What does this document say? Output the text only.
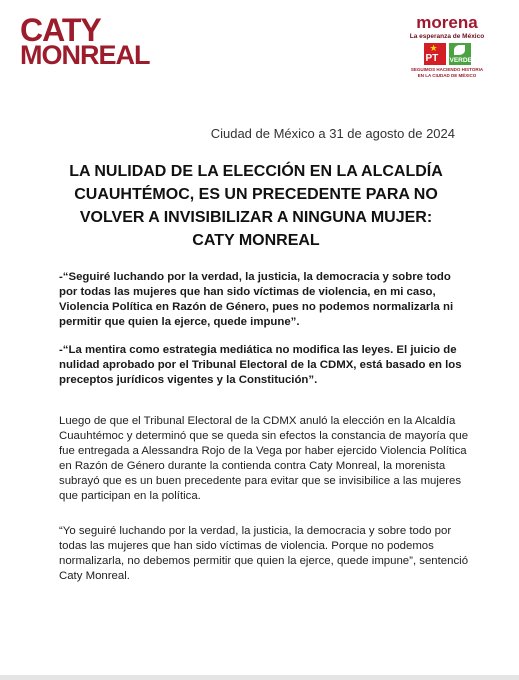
CATY
MONREAL
morena
La esperanza de México
★
PT VERDE
SEGUIMOS HACIENDO HISTORIA
EN LA CIUDAD DE MÉXICO
Ciudad de México a 31 de agosto de 2024
LA NULIDAD DE LA ELECCIÓN EN LA ALCALDÍA
CUAUHTÉMOC, ES UN PRECEDENTE PARA NO
VOLVER A INVISIBILIZAR A NINGUNA MUJER:
CATY MONREAL
-“Seguiré luchando por la verdad, la justicia, la democracia y sobre todo
por todas las mujeres que han sido víctimas de violencia, en mi caso,
Violencia Política en Razón de Género, pues no podemos normalizarla ni
permitir que quien la ejerce, quede impune”.
-“La mentira como estrategia mediática no modifica las leyes. El juicio de
nulidad aprobado por el Tribunal Electoral de la CDMX, está basado en los
preceptos jurídicos vigentes y la Constitución”.
Luego de que el Tribunal Electoral de la CDMX anuló la elección en la Alcaldía
Cuauhtémoc y determinó que se queda sin efectos la constancia de mayoría que
fue entregada a Alessandra Rojo de la Vega por haber ejercido Violencia Política
en Razón de Género durante la contienda contra Caty Monreal, la morenista
subrayó que es un buen precedente para evitar que se invisibilice a las mujeres
que participan en la política.
“Yo seguiré luchando por la verdad, la justicia, la democracia y sobre todo por
todas las mujeres que han sido víctimas de violencia. Porque no podemos
normalizarla, no debemos permitir que quien la ejerce, quede impune”, sentenció
Caty Monreal.
